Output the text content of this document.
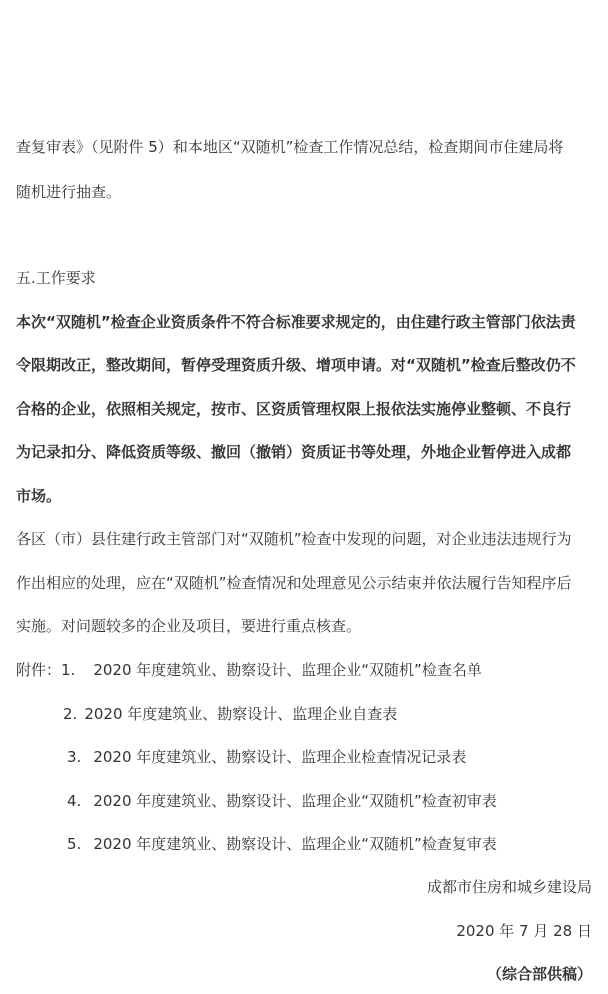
查复审表》（见附件 5）和本地区“双随机”检查工作情况总结，检查期间市住建局将
随机进行抽查。
五.工作要求
本次“双随机”检查企业资质条件不符合标准要求规定的，由住建行政主管部门依法责
令限期改正，整改期间，暂停受理资质升级、增项申请。对“双随机”检查后整改仍不
合格的企业，依照相关规定，按市、区资质管理权限上报依法实施停业整顿、不良行
为记录扣分、降低资质等级、撤回（撤销）资质证书等处理，外地企业暂停进入成都
市场。
各区（市）县住建行政主管部门对“双随机”检查中发现的问题，对企业违法违规行为
作出相应的处理，应在“双随机”检查情况和处理意见公示结束并依法履行告知程序后
实施。对问题较多的企业及项目，要进行重点核查。
附件：1. 2020 年度建筑业、勘察设计、监理企业“双随机”检查名单
2. 2020 年度建筑业、勘察设计、监理企业自查表
3. 2020 年度建筑业、勘察设计、监理企业检查情况记录表
4. 2020 年度建筑业、勘察设计、监理企业“双随机”检查初审表
5. 2020 年度建筑业、勘察设计、监理企业“双随机”检查复审表
成都市住房和城乡建设局
2020 年 7 月 28 日
（综合部供稿）
